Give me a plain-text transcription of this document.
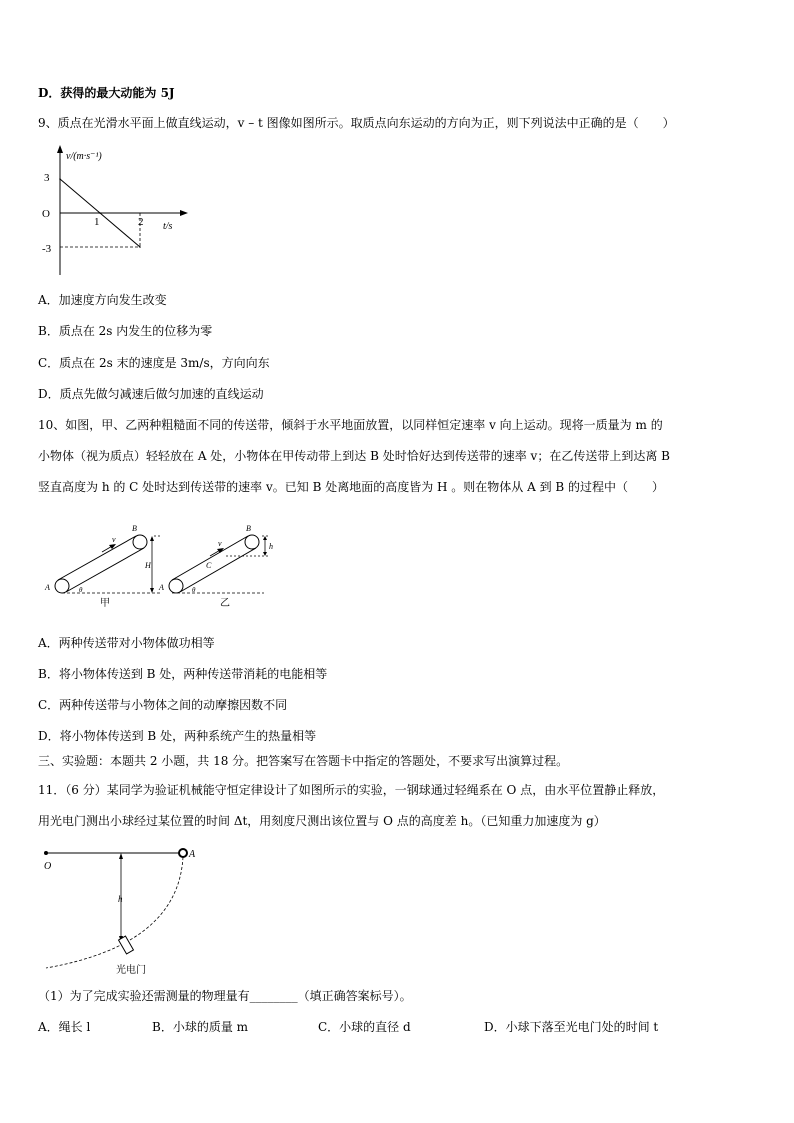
D．获得的最大动能为 5J
9、质点在光滑水平面上做直线运动，v – t 图像如图所示。取质点向东运动的方向为正，则下列说法中正确的是（　　）
v/(m·s⁻¹)
t/s
O
3
-3
1	2
A．加速度方向发生改变
B．质点在 2s 内发生的位移为零
C．质点在 2s 末的速度是 3m/s，方向向东
D．质点先做匀减速后做匀加速的直线运动
10、如图，甲、乙两种粗糙面不同的传送带，倾斜于水平地面放置，以同样恒定速率 v 向上运动。现将一质量为 m 的
小物体（视为质点）轻轻放在 A 处，小物体在甲传动带上到达 B 处时恰好达到传送带的速率 v；在乙传送带上到达离 B
竖直高度为 h 的 C 处时达到传送带的速率 v。已知 B 处离地面的高度皆为 H 。则在物体从 A 到 B 的过程中（　　）
v
A
B
θ
H
甲
v
A
B
C
θ
h
乙
A．两种传送带对小物体做功相等
B．将小物体传送到 B 处，两种传送带消耗的电能相等
C．两种传送带与小物体之间的动摩擦因数不同
D．将小物体传送到 B 处，两种系统产生的热量相等
三、实验题：本题共 2 小题，共 18 分。把答案写在答题卡中指定的答题处，不要求写出演算过程。
11．（6 分）某同学为验证机械能守恒定律设计了如图所示的实验，一钢球通过轻绳系在 O 点，由水平位置静止释放，
用光电门测出小球经过某位置的时间 Δt，用刻度尺测出该位置与 O 点的高度差 h。（已知重力加速度为 g）
O
A
h
光电门
（1）为了完成实验还需测量的物理量有________（填正确答案标号）。
A．绳长 l	B．小球的质量 m	C．小球的直径 d	D．小球下落至光电门处的时间 t
